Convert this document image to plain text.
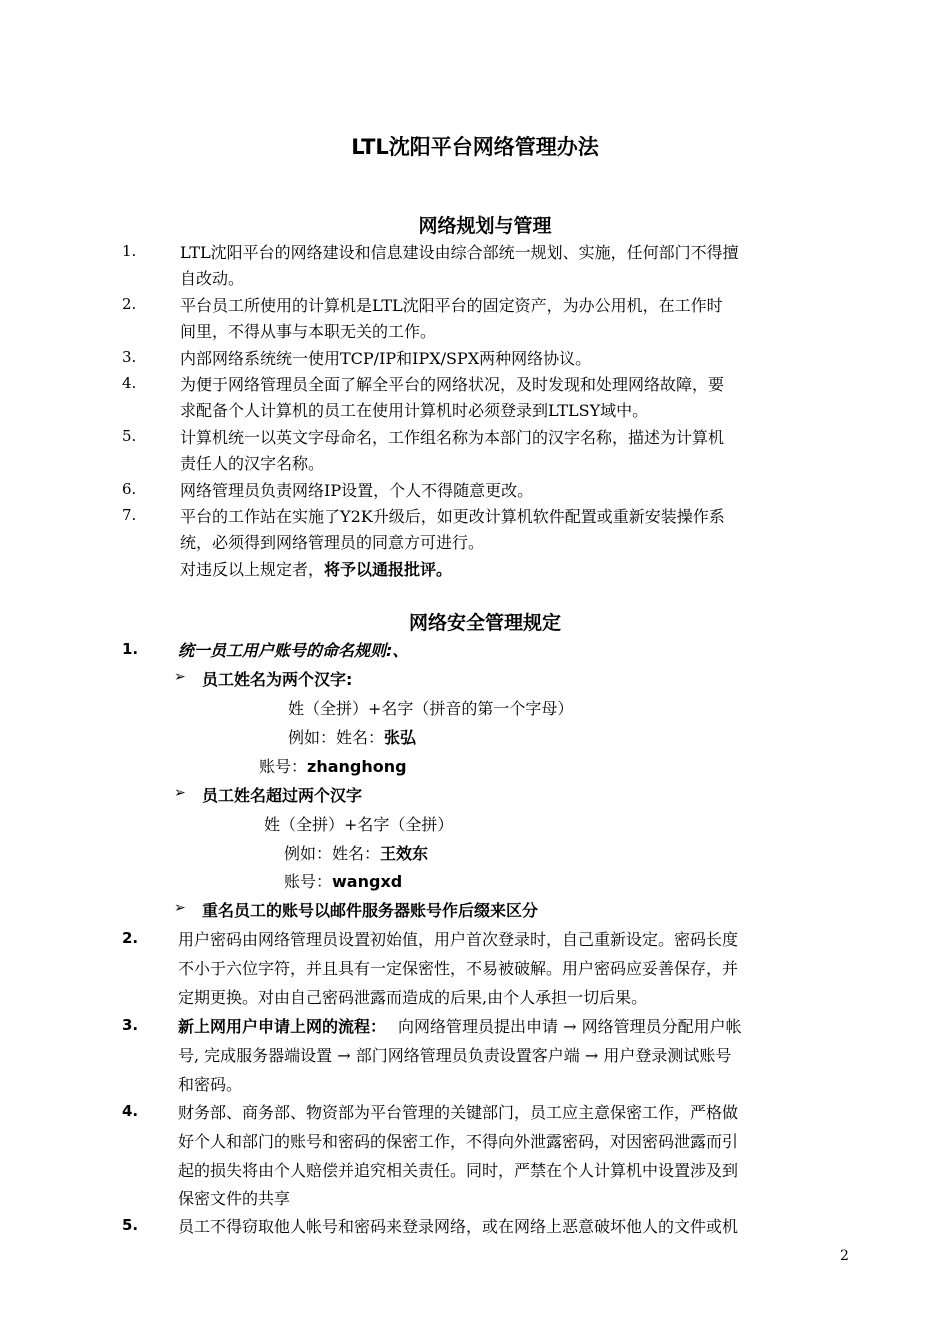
LTL沈阳平台网络管理办法
网络规划与管理
1.	LTL沈阳平台的网络建设和信息建设由综合部统一规划、实施，任何部门不得擅
自改动。
2.	平台员工所使用的计算机是LTL沈阳平台的固定资产，为办公用机，在工作时
间里，不得从事与本职无关的工作。
3.	内部网络系统统一使用TCP/IP和IPX/SPX两种网络协议。
4.	为便于网络管理员全面了解全平台的网络状况，及时发现和处理网络故障，要
求配备个人计算机的员工在使用计算机时必须登录到LTLSY域中。
5.	计算机统一以英文字母命名，工作组名称为本部门的汉字名称，描述为计算机
责任人的汉字名称。
6.	网络管理员负责网络IP设置，个人不得随意更改。
7.	平台的工作站在实施了Y2K升级后，如更改计算机软件配置或重新安装操作系
统，必须得到网络管理员的同意方可进行。
对违反以上规定者，将予以通报批评。
网络安全管理规定
1. 统一员工用户账号的命名规则:、
➢ 员工姓名为两个汉字:
姓（全拼）+名字（拼音的第一个字母）
例如：姓名：张弘
账号：zhanghong
➢ 员工姓名超过两个汉字
姓（全拼）+名字（全拼）
例如：姓名：王效东
账号：wangxd
➢ 重名员工的账号以邮件服务器账号作后缀来区分
2. 用户密码由网络管理员设置初始值，用户首次登录时，自己重新设定。密码长度
不小于六位字符，并且具有一定保密性，不易被破解。用户密码应妥善保存，并
定期更换。对由自己密码泄露而造成的后果,由个人承担一切后果。
3. 新上网用户申请上网的流程： 向网络管理员提出申请 → 网络管理员分配用户帐
号, 完成服务器端设置 → 部门网络管理员负责设置客户端 → 用户登录测试账号
和密码。
4. 财务部、商务部、物资部为平台管理的关键部门，员工应主意保密工作，严格做
好个人和部门的账号和密码的保密工作，不得向外泄露密码，对因密码泄露而引
起的损失将由个人赔偿并追究相关责任。同时，严禁在个人计算机中设置涉及到
保密文件的共享
5. 员工不得窃取他人帐号和密码来登录网络，或在网络上恶意破坏他人的文件或机
2
